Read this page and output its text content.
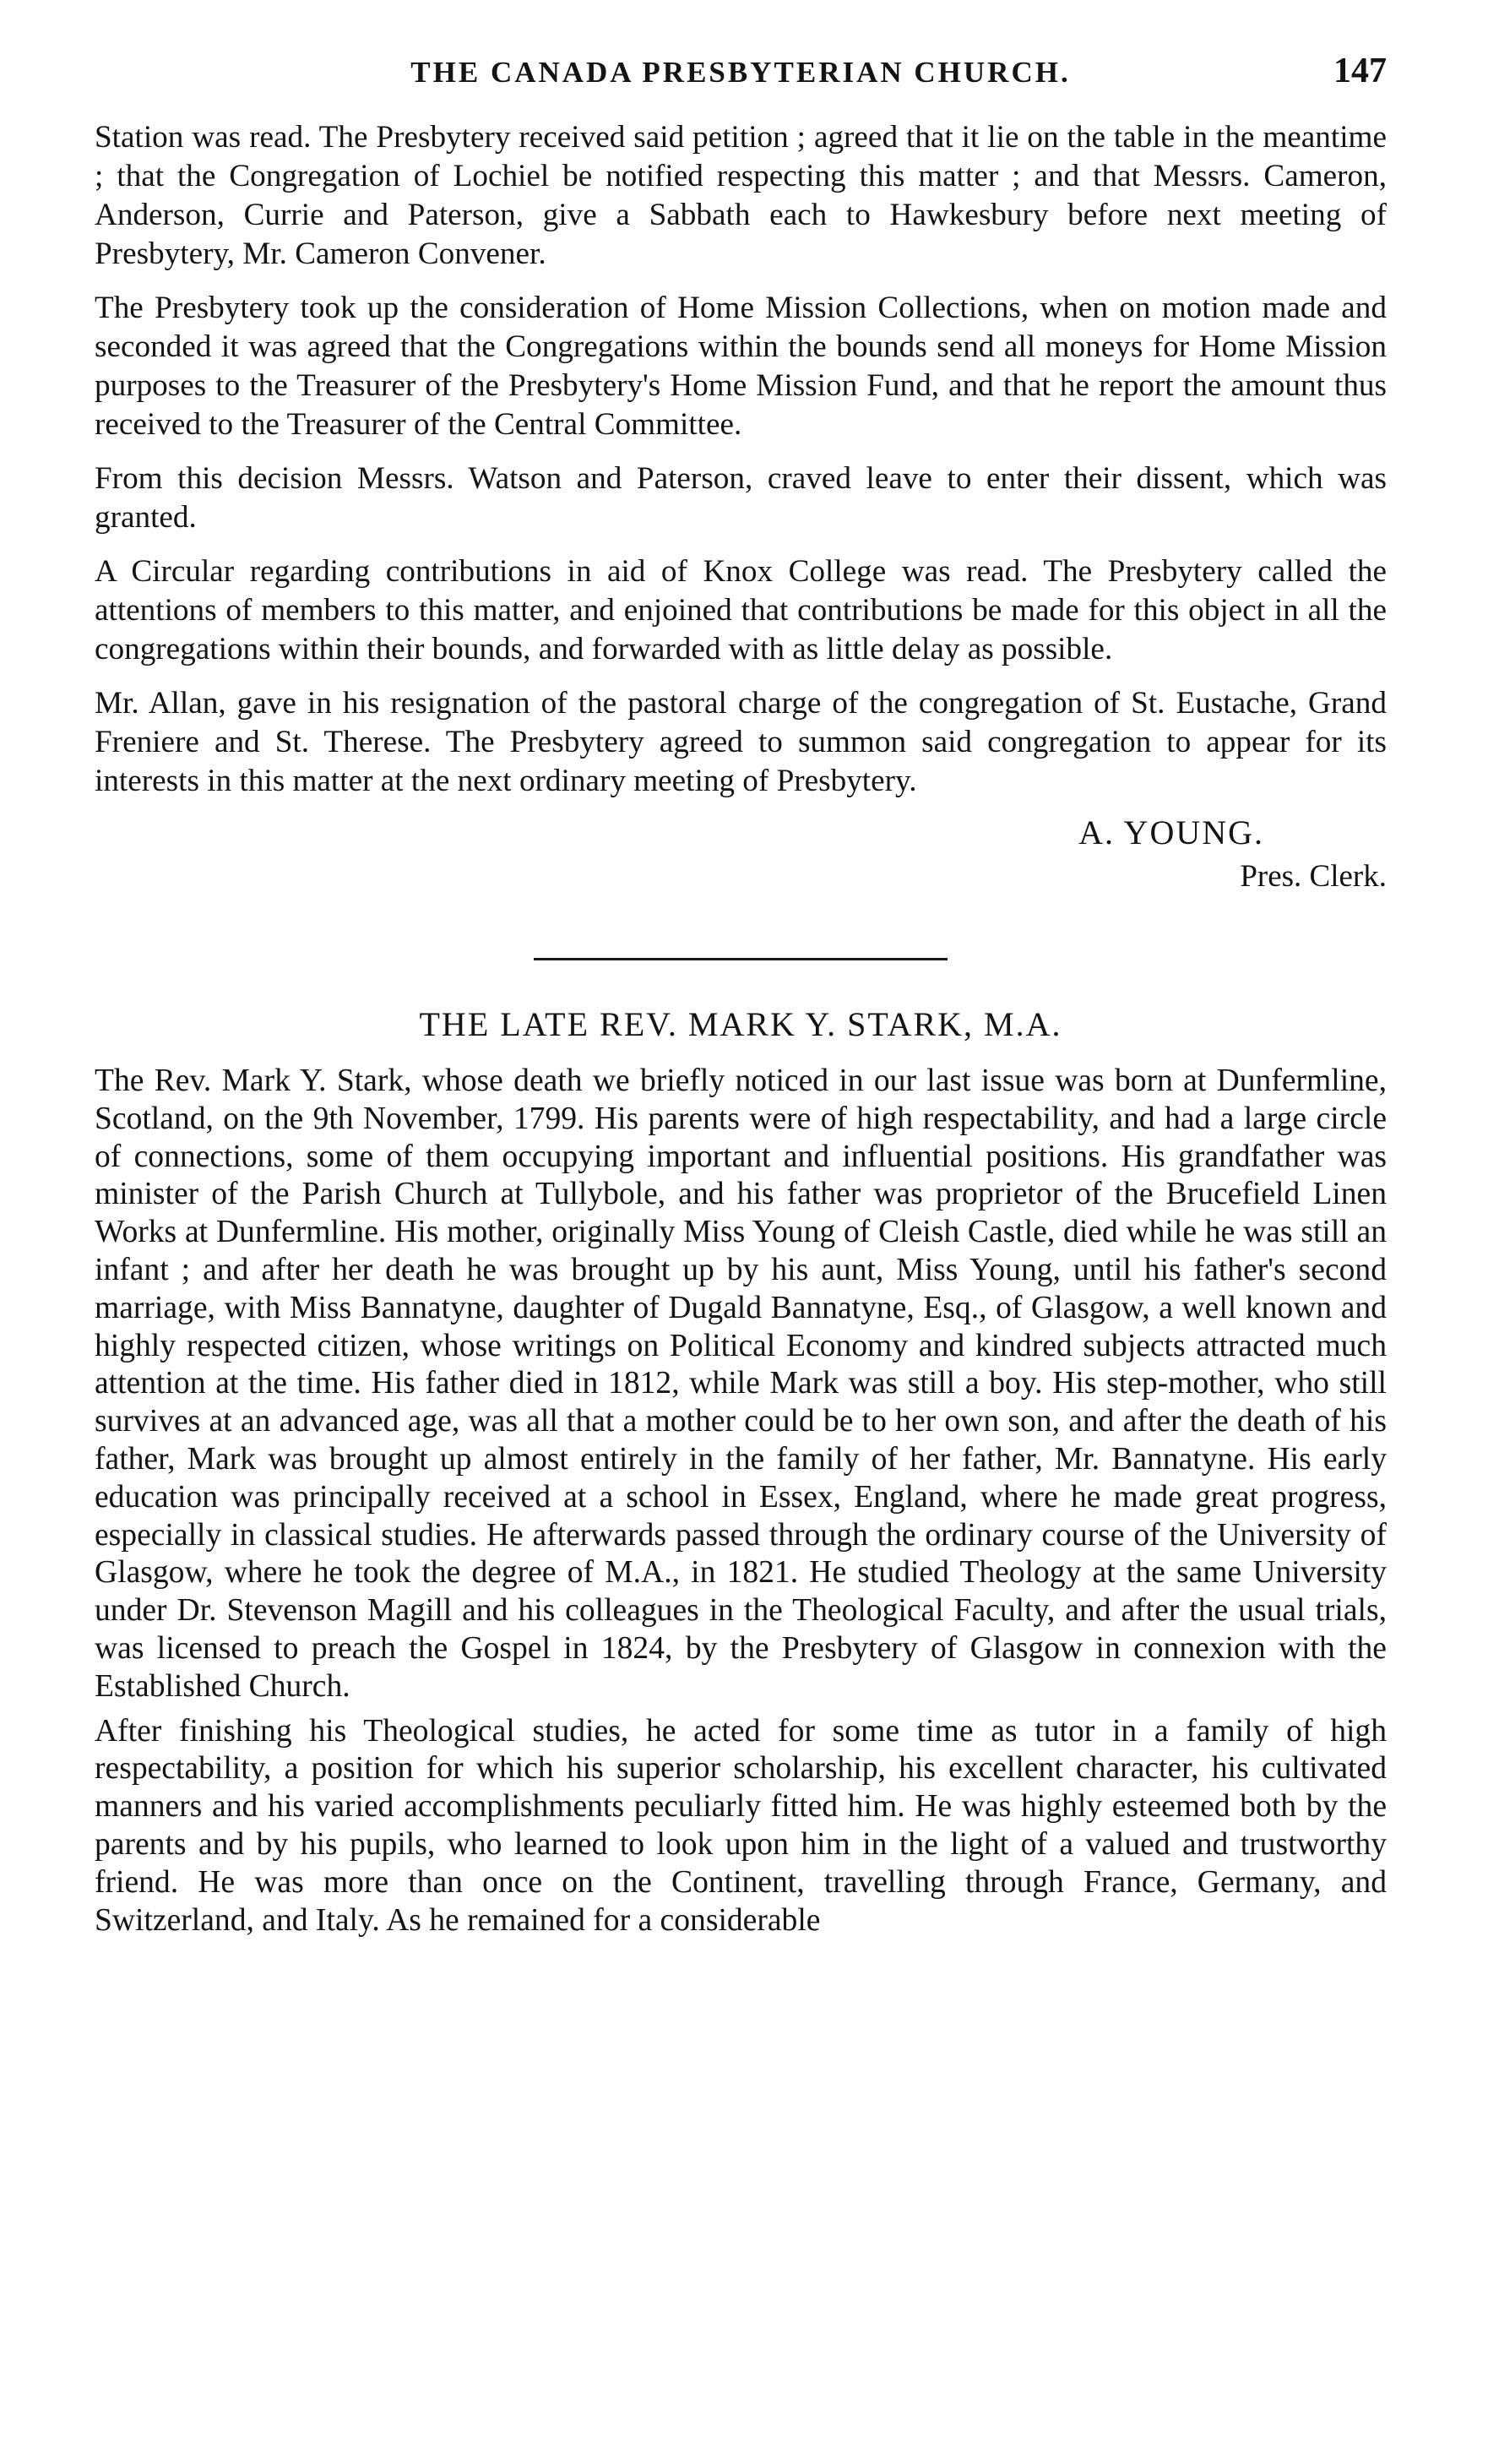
THE CANADA PRESBYTERIAN CHURCH.	147

Station was read. The Presbytery received said petition ; agreed that it lie on the table in the meantime ; that the Congregation of Lochiel be notified respecting this matter ; and that Messrs. Cameron, Anderson, Currie and Paterson, give a Sabbath each to Hawkesbury before next meeting of Presbytery, Mr. Cameron Convener.

The Presbytery took up the consideration of Home Mission Collections, when on motion made and seconded it was agreed that the Congregations within the bounds send all moneys for Home Mission purposes to the Treasurer of the Presbytery's Home Mission Fund, and that he report the amount thus received to the Treasurer of the Central Committee.

From this decision Messrs. Watson and Paterson, craved leave to enter their dissent, which was granted.

A Circular regarding contributions in aid of Knox College was read. The Presbytery called the attentions of members to this matter, and enjoined that contributions be made for this object in all the congregations within their bounds, and forwarded with as little delay as possible.

Mr. Allan, gave in his resignation of the pastoral charge of the congregation of St. Eustache, Grand Freniere and St. Therese. The Presbytery agreed to summon said congregation to appear for its interests in this matter at the next ordinary meeting of Presbytery.

A. YOUNG.
Pres. Clerk.
THE LATE REV. MARK Y. STARK, M.A.

The Rev. Mark Y. Stark, whose death we briefly noticed in our last issue was born at Dunfermline, Scotland, on the 9th November, 1799. His parents were of high respectability, and had a large circle of connections, some of them occupying important and influential positions. His grandfather was minister of the Parish Church at Tullybole, and his father was proprietor of the Brucefield Linen Works at Dunfermline. His mother, originally Miss Young of Cleish Castle, died while he was still an infant ; and after her death he was brought up by his aunt, Miss Young, until his father's second marriage, with Miss Bannatyne, daughter of Dugald Bannatyne, Esq., of Glasgow, a well known and highly respected citizen, whose writings on Political Economy and kindred subjects attracted much attention at the time. His father died in 1812, while Mark was still a boy. His step-mother, who still survives at an advanced age, was all that a mother could be to her own son, and after the death of his father, Mark was brought up almost entirely in the family of her father, Mr. Bannatyne. His early education was principally received at a school in Essex, England, where he made great progress, especially in classical studies. He afterwards passed through the ordinary course of the University of Glasgow, where he took the degree of M.A., in 1821. He studied Theology at the same University under Dr. Stevenson Magill and his colleagues in the Theological Faculty, and after the usual trials, was licensed to preach the Gospel in 1824, by the Presbytery of Glasgow in connexion with the Established Church.

After finishing his Theological studies, he acted for some time as tutor in a family of high respectability, a position for which his superior scholarship, his excellent character, his cultivated manners and his varied accomplishments peculiarly fitted him. He was highly esteemed both by the parents and by his pupils, who learned to look upon him in the light of a valued and trustworthy friend. He was more than once on the Continent, travelling through France, Germany, and Switzerland, and Italy. As he remained for a considerable
